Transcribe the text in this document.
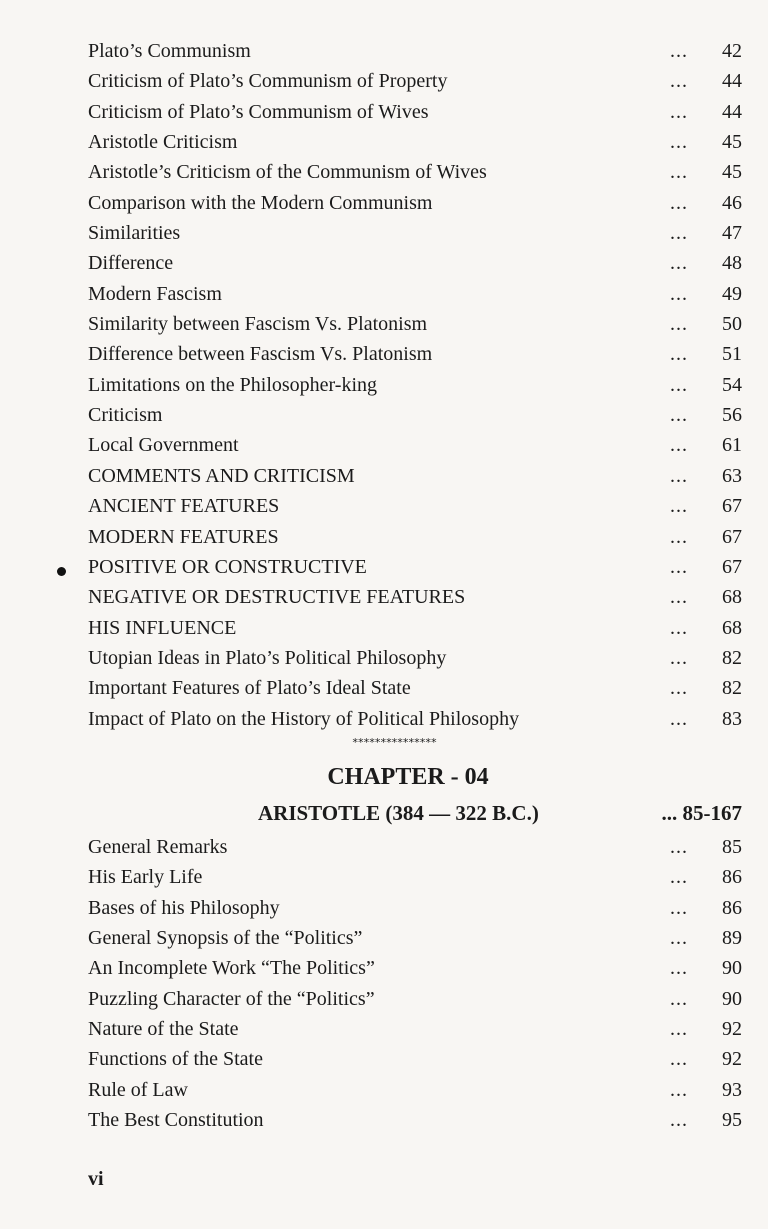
Plato’s Communism	...	42
Criticism of Plato’s Communism of Property	...	44
Criticism of Plato’s Communism of Wives	...	44
Aristotle Criticism	...	45
Aristotle’s Criticism of the Communism of Wives	...	45
Comparison with the Modern Communism	...	46
Similarities	...	47
Difference	...	48
Modern Fascism	...	49
Similarity between Fascism Vs. Platonism	...	50
Difference between Fascism Vs. Platonism	...	51
Limitations on the Philosopher-king	...	54
Criticism	...	56
Local Government	...	61
COMMENTS AND CRITICISM	...	63
ANCIENT FEATURES	...	67
MODERN FEATURES	...	67
POSITIVE OR CONSTRUCTIVE	...	67
NEGATIVE OR DESTRUCTIVE FEATURES	...	68
HIS INFLUENCE	...	68
Utopian Ideas in Plato’s Political Philosophy	...	82
Important Features of Plato’s Ideal State	...	82
Impact of Plato on the History of Political Philosophy	...	83
***************
CHAPTER - 04
ARISTOTLE (384 — 322 B.C.)	... 85-167
General Remarks	...	85
His Early Life	...	86
Bases of his Philosophy	...	86
General Synopsis of the “Politics”	...	89
An Incomplete Work “The Politics”	...	90
Puzzling Character of the “Politics”	...	90
Nature of the State	...	92
Functions of the State	...	92
Rule of Law	...	93
The Best Constitution	...	95
vi
